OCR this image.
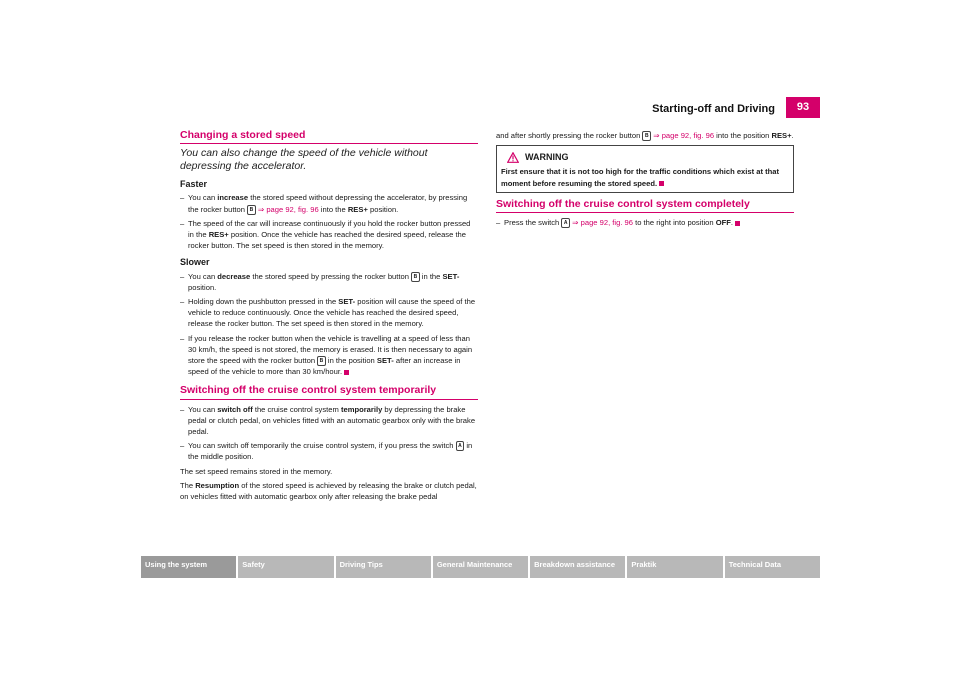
Starting-off and Driving	93
Changing a stored speed
You can also change the speed of the vehicle without depressing the accelerator.
Faster
– You can increase the stored speed without depressing the accelerator, by pressing the rocker button B ⇒ page 92, fig. 96 into the RES+ position.
– The speed of the car will increase continuously if you hold the rocker button pressed in the RES+ position. Once the vehicle has reached the desired speed, release the rocker button. The set speed is then stored in the memory.
Slower
– You can decrease the stored speed by pressing the rocker button B in the SET- position.
– Holding down the pushbutton pressed in the SET- position will cause the speed of the vehicle to reduce continuously. Once the vehicle has reached the desired speed, release the rocker button. The set speed is then stored in the memory.
– If you release the rocker button when the vehicle is travelling at a speed of less than 30 km/h, the speed is not stored, the memory is erased. It is then necessary to again store the speed with the rocker button B in the position SET- after an increase in speed of the vehicle to more than 30 km/hour.
Switching off the cruise control system temporarily
– You can switch off the cruise control system temporarily by depressing the brake pedal or clutch pedal, on vehicles fitted with an automatic gearbox only with the brake pedal.
– You can switch off temporarily the cruise control system, if you press the switch A in the middle position.

The set speed remains stored in the memory.

The Resumption of the stored speed is achieved by releasing the brake or clutch pedal, on vehicles fitted with automatic gearbox only after releasing the brake pedal

and after shortly pressing the rocker button B ⇒ page 92, fig. 96 into the position RES+.

WARNING
First ensure that it is not too high for the traffic conditions which exist at that moment before resuming the stored speed.
Switching off the cruise control system completely
– Press the switch A ⇒ page 92, fig. 96 to the right into position OFF.
Using the system	Safety	Driving Tips	General Maintenance	Breakdown assistance	Praktik	Technical Data
